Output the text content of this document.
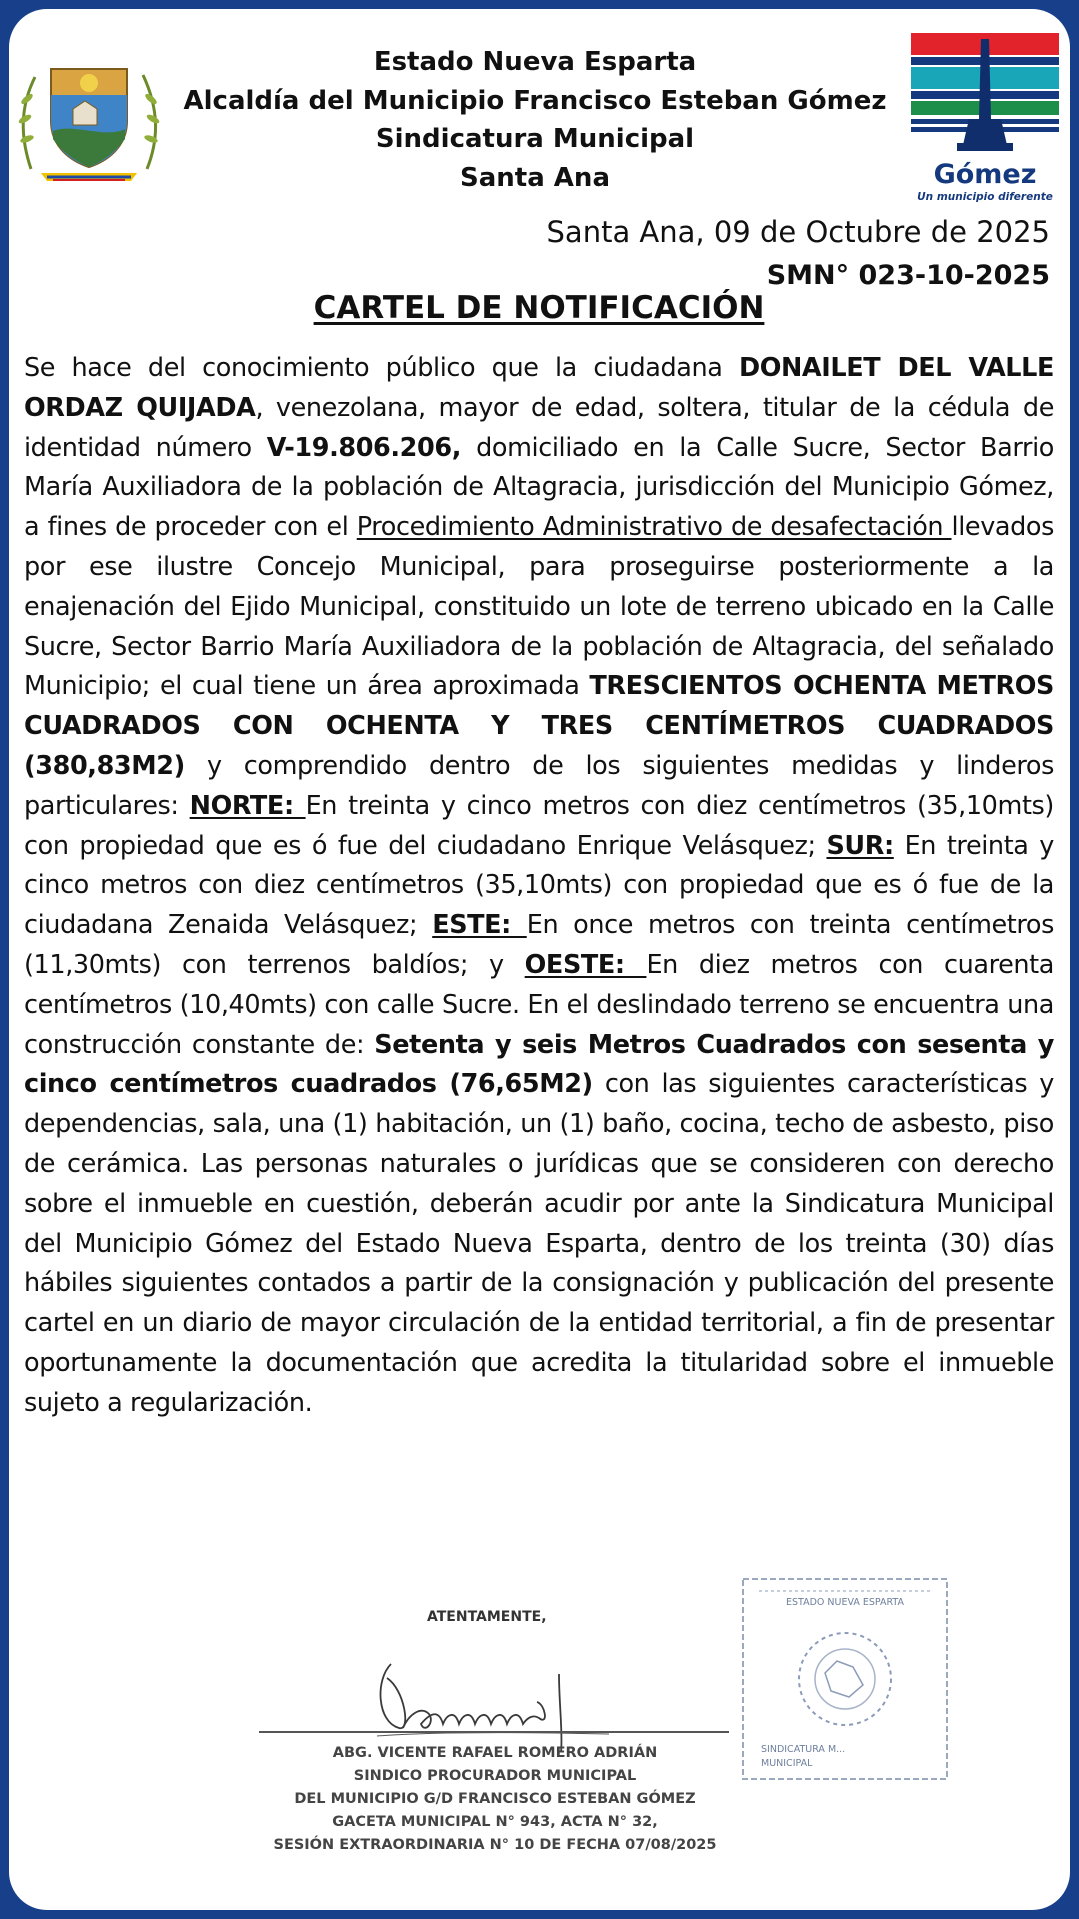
Estado Nueva Esparta
Alcaldía del Municipio Francisco Esteban Gómez
Sindicatura Municipal
Santa Ana	Gómez
Un municipio diferente
Santa Ana, 09 de Octubre de 2025
SMN° 023-10-2025
CARTEL DE NOTIFICACIÓN
Se hace del conocimiento público que la ciudadana DONAILET DEL VALLE ORDAZ QUIJADA, venezolana, mayor de edad, soltera, titular de la cédula de identidad número V-19.806.206, domiciliado en la Calle Sucre, Sector Barrio María Auxiliadora de la población de Altagracia, jurisdicción del Municipio Gómez, a fines de proceder con el Procedimiento Administrativo de desafectación llevados por ese ilustre Concejo Municipal, para proseguirse posteriormente a la enajenación del Ejido Municipal, constituido un lote de terreno ubicado en la Calle Sucre, Sector Barrio María Auxiliadora de la población de Altagracia, del señalado Municipio; el cual tiene un área aproximada TRESCIENTOS OCHENTA METROS CUADRADOS CON OCHENTA Y TRES CENTÍMETROS CUADRADOS (380,83M2) y comprendido dentro de los siguientes medidas y linderos particulares: NORTE: En treinta y cinco metros con diez centímetros (35,10mts) con propiedad que es ó fue del ciudadano Enrique Velásquez; SUR: En treinta y cinco metros con diez centímetros (35,10mts) con propiedad que es ó fue de la ciudadana Zenaida Velásquez; ESTE: En once metros con treinta centímetros (11,30mts) con terrenos baldíos; y OESTE: En diez metros con cuarenta centímetros (10,40mts) con calle Sucre. En el deslindado terreno se encuentra una construcción constante de: Setenta y seis Metros Cuadrados con sesenta y cinco centímetros cuadrados (76,65M2) con las siguientes características y dependencias, sala, una (1) habitación, un (1) baño, cocina, techo de asbesto, piso de cerámica. Las personas naturales o jurídicas que se consideren con derecho sobre el inmueble en cuestión, deberán acudir por ante la Sindicatura Municipal del Municipio Gómez del Estado Nueva Esparta, dentro de los treinta (30) días hábiles siguientes contados a partir de la consignación y publicación del presente cartel en un diario de mayor circulación de la entidad territorial, a fin de presentar oportunamente la documentación que acredita la titularidad sobre el inmueble sujeto a regularización.
ATENTAMENTE,
ABG. VICENTE RAFAEL ROMERO ADRIÁN
SINDICO PROCURADOR MUNICIPAL
DEL MUNICIPIO G/D FRANCISCO ESTEBAN GÓMEZ
GACETA MUNICIPAL N° 943, ACTA N° 32,
SESIÓN EXTRAORDINARIA N° 10 DE FECHA 07/08/2025
ESTADO NUEVA ESPARTA
SINDICATURA M... MUNICIPAL
